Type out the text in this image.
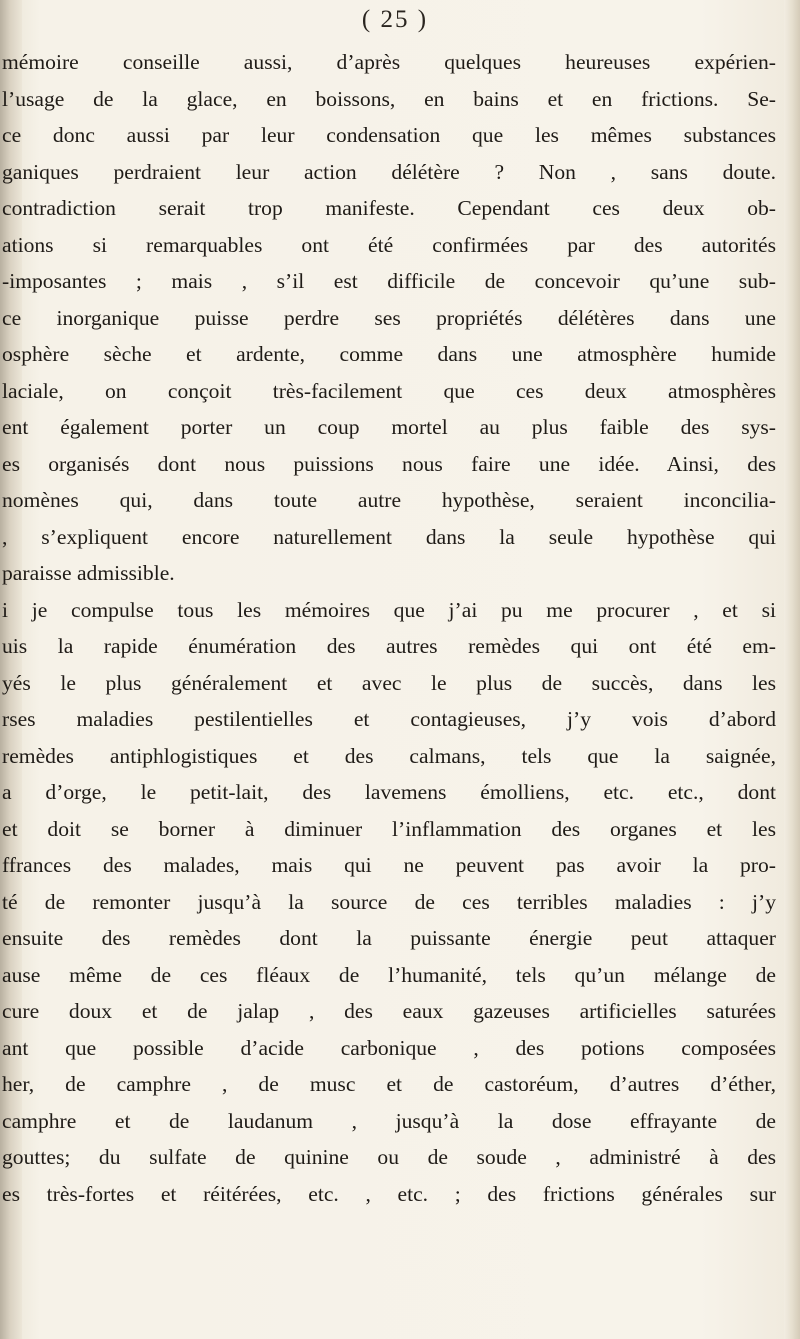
( 25 )
mémoire conseille aussi, d’après quelques heureuses expérien-
l’usage de la glace, en boissons, en bains et en frictions. Se-
ce donc aussi par leur condensation que les mêmes substances
ganiques perdraient leur action délétère ? Non , sans doute.
contradiction serait trop manifeste. Cependant ces deux ob-
ations si remarquables ont été confirmées par des autorités
-imposantes ; mais , s’il est difficile de concevoir qu’une sub-
ce inorganique puisse perdre ses propriétés délétères dans une
osphère sèche et ardente, comme dans une atmosphère humide
laciale, on conçoit très-facilement que ces deux atmosphères
ent également porter un coup mortel au plus faible des sys-
es organisés dont nous puissions nous faire une idée. Ainsi, des
nomènes qui, dans toute autre hypothèse, seraient inconcilia-
, s’expliquent encore naturellement dans la seule hypothèse qui
paraisse admissible.
i je compulse tous les mémoires que j’ai pu me procurer , et si
uis la rapide énumération des autres remèdes qui ont été em-
yés le plus généralement et avec le plus de succès, dans les
rses maladies pestilentielles et contagieuses, j’y vois d’abord
remèdes antiphlogistiques et des calmans, tels que la saignée,
a d’orge, le petit-lait, des lavemens émolliens, etc. etc., dont
et doit se borner à diminuer l’inflammation des organes et les
ffrances des malades, mais qui ne peuvent pas avoir la pro-
té de remonter jusqu’à la source de ces terribles maladies : j’y
ensuite des remèdes dont la puissante énergie peut attaquer
ause même de ces fléaux de l’humanité, tels qu’un mélange de
cure doux et de jalap , des eaux gazeuses artificielles saturées
ant que possible d’acide carbonique , des potions composées
her, de camphre , de musc et de castoréum, d’autres d’éther,
camphre et de laudanum , jusqu’à la dose effrayante de
gouttes; du sulfate de quinine ou de soude , administré à des
es très-fortes et réitérées, etc. , etc. ; des frictions générales sur
